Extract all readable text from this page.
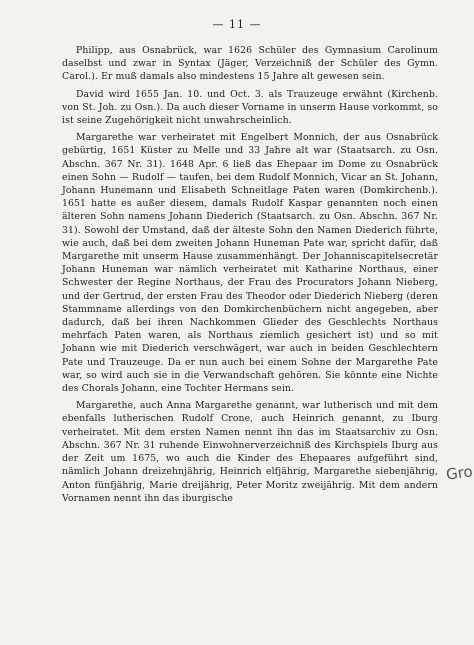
— 11 —

Philipp, aus Osnabrück, war 1626 Schüler des Gymnasium Carolinum daselbst und zwar in Syntax (Jäger, Verzeichniß der Schüler des Gymn. Carol.). Er muß damals also mindestens 15 Jahre alt gewesen sein.

David wird 1655 Jan. 10. und Oct. 3. als Trauzeuge erwähnt (Kirchenb. von St. Joh. zu Osn.). Da auch dieser Vorname in unserm Hause vorkommt, so ist seine Zugehörigkeit nicht unwahrscheinlich.

Margarethe war verheiratet mit Engelbert Monnich, der aus Osnabrück gebürtig, 1651 Küster zu Melle und 33 Jahre alt war (Staatsarch. zu Osn. Abschn. 367 Nr. 31). 1648 Apr. 6 ließ das Ehepaar im Dome zu Osnabrück einen Sohn — Rudolf — taufen, bei dem Rudolf Monnich, Vicar an St. Johann, Johann Hunemann und Elisabeth Schneitlage Paten waren (Domkirchenb.). 1651 hatte es außer diesem, damals Rudolf Kaspar genannten noch einen älteren Sohn namens Johann Diederich (Staatsarch. zu Osn. Abschn. 367 Nr. 31). Sowohl der Umstand, daß der älteste Sohn den Namen Diederich führte, wie auch, daß bei dem zweiten Johann Huneman Pate war, spricht dafür, daß Margarethe mit unserm Hause zusammenhängt. Der Johanniscapitelsecretär Johann Huneman war nämlich verheiratet mit Katharine Northaus, einer Schwester der Regine Northaus, der Frau des Procurators Johann Nieberg, und der Gertrud, der ersten Frau des Theodor oder Diederich Nieberg (deren Stammname allerdings von den Domkirchenbüchern nicht angegeben, aber dadurch, daß bei ihren Nachkommen Glieder des Geschlechts Northaus mehrfach Paten waren, als Northaus ziemlich gesichert ist) und so mit Johann wie mit Diederich verschwägert, war auch in beiden Geschlechtern Pate und Trauzeuge. Da er nun auch bei einem Sohne der Margarethe Pate war, so wird auch sie in die Verwandschaft gehören. Sie könnte eine Nichte des Chorals Johann, eine Tochter Hermans sein.

Margarethe, auch Anna Margarethe genannt, war lutherisch und mit dem ebenfalls lutherischen Rudolf Crone, auch Heinrich genannt, zu Iburg verheiratet. Mit dem ersten Namen nennt ihn das im Staatsarchiv zu Osn. Abschn. 367 Nr. 31 ruhende Einwohnerverzeichniß des Kirchspiels Iburg aus der Zeit um 1675, wo auch die Kinder des Ehepaares aufgeführt sind, nämlich Johann dreizehnjährig, Heinrich elfjährig, Margarethe siebenjährig, Anton fünfjährig, Marie dreijährig, Peter Moritz zweijährig. Mit dem andern Vornamen nennt ihn das iburgische

Gro
